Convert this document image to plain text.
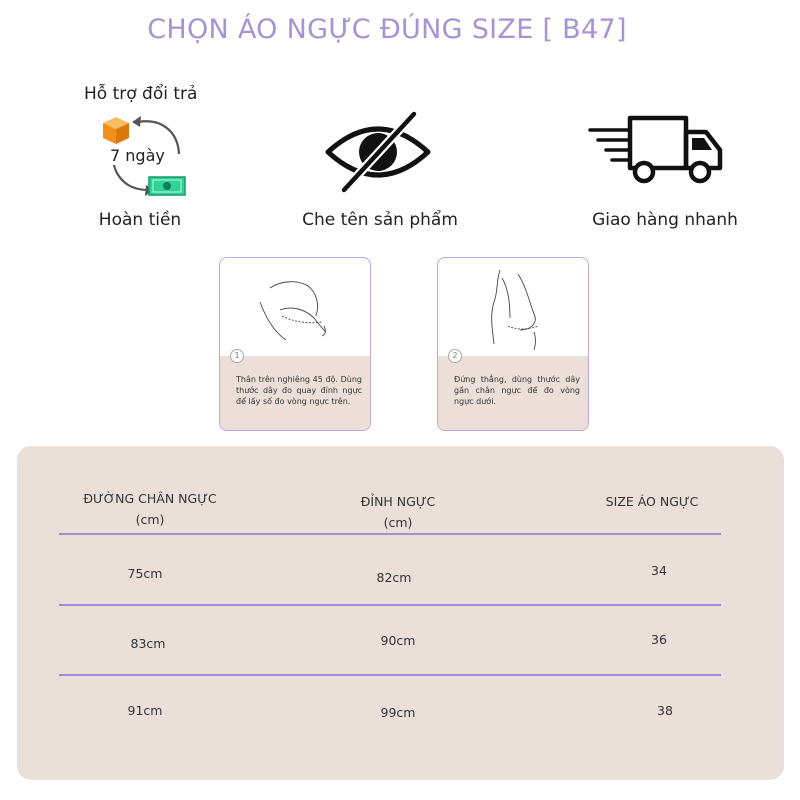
CHỌN ÁO NGỰC ĐÚNG SIZE [ B47]
Hỗ trợ đổi trả
7 ngày
Hoàn tiền	Che tên sản phẩm	Giao hàng nhanh
1
Thân trên nghiêng 45 độ. Dùng thước dây đo quay đỉnh ngực để lấy số đo vòng ngực trên.
2
Đứng thẳng, dùng thước dây gần chân ngực để đo vòng ngực dưới.
ĐƯỜNG CHÂN NGỰC
(cm)
ĐỈNH NGỰC
(cm)
SIZE ÁO NGỰC
75cm	82cm	34
83cm	90cm	36
91cm	99cm	38
